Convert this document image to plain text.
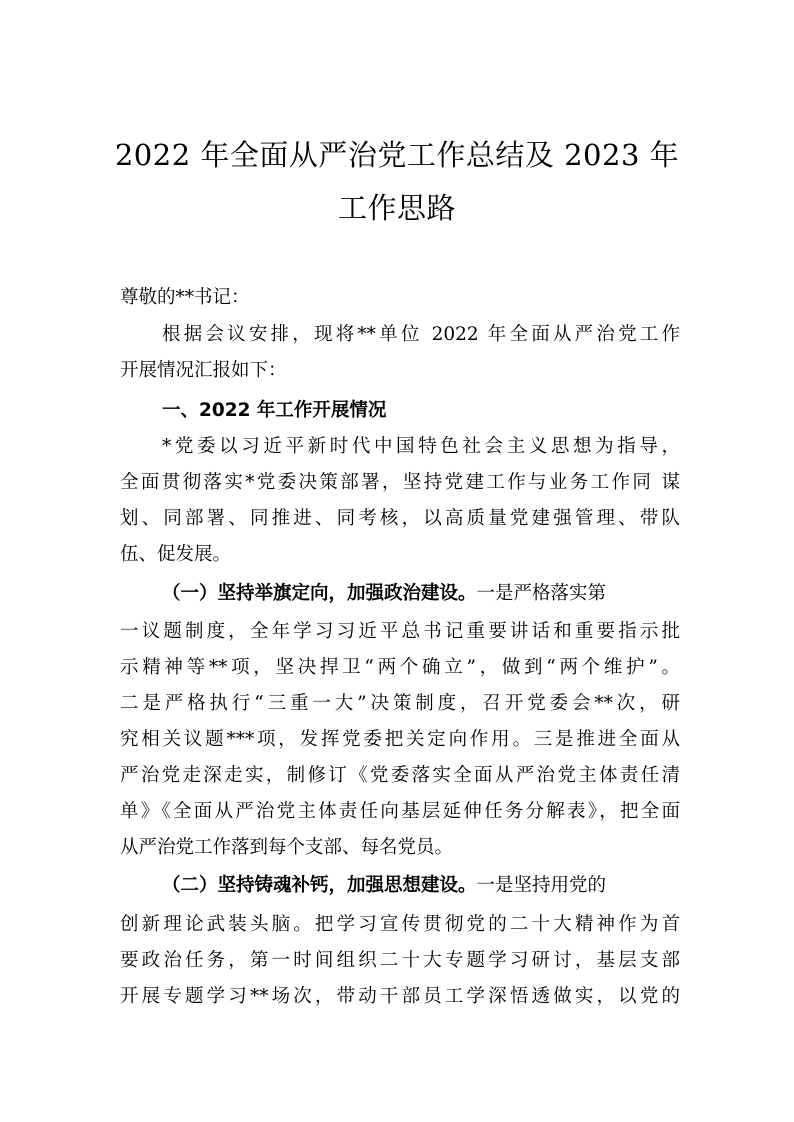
2022 年全面从严治党工作总结及 2023 年
工作思路
尊敬的**书记：
根据会议安排，现将**单位 2022 年全面从严治党工作
开展情况汇报如下：
一、2022 年工作开展情况
*党委以习近平新时代中国特色社会主义思想为指导，
全面贯彻落实*党委决策部署，坚持党建工作与业务工作同 谋
划、同部署、同推进、同考核，以高质量党建强管理、带队
伍、促发展。
（一）坚持举旗定向，加强政治建设。一是严格落实第
一议题制度，全年学习习近平总书记重要讲话和重要指示批
示精神等**项，坚决捍卫“两个确立”，做到“两个维护”。
二是严格执行“三重一大”决策制度，召开党委会**次，研
究相关议题***项，发挥党委把关定向作用。三是推进全面从
严治党走深走实，制修订《党委落实全面从严治党主体责任清
单》《全面从严治党主体责任向基层延伸任务分解表》，把全面
从严治党工作落到每个支部、每名党员。
（二）坚持铸魂补钙，加强思想建设。一是坚持用党的
创新理论武装头脑。把学习宣传贯彻党的二十大精神作为首
要政治任务，第一时间组织二十大专题学习研讨，基层支部
开展专题学习**场次，带动干部员工学深悟透做实，以党的
